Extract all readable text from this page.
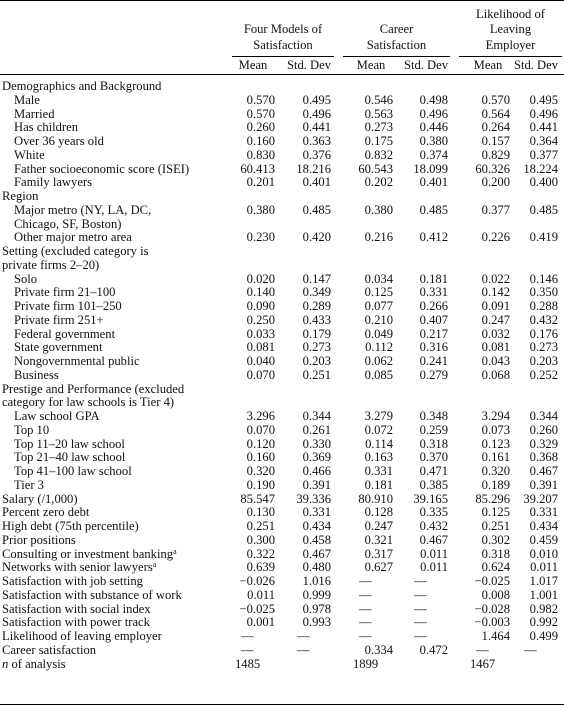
Four Models of
Satisfaction
Career
Satisfaction
Likelihood of
Leaving
Employer
Mean	Std. Dev	Mean	Std. Dev	Mean Std. Dev
Demographics and Background
Male	0.570 0.495	0.546 0.498	0.570 0.495
Married	0.570 0.496	0.563 0.496	0.564 0.496
Has children	0.260 0.441	0.273 0.446	0.264 0.441
Over 36 years old	0.160 0.363	0.175 0.380	0.157 0.364
White	0.830 0.376	0.832 0.374	0.829 0.377
Father socioeconomic score (ISEI)	60.413 18.216 60.543 18.099 60.326 18.224
Family lawyers	0.201 0.401	0.202 0.401	0.200 0.400
Region
Major metro (NY, LA, DC,	0.380 0.485	0.380 0.485	0.377 0.485
Chicago, SF, Boston)
Other major metro area	0.230 0.420	0.216 0.412	0.226 0.419
Setting (excluded category is
private firms 2–20)
Solo	0.020 0.147	0.034 0.181	0.022 0.146
Private firm 21–100	0.140 0.349	0.125 0.331	0.142 0.350
Private firm 101–250	0.090 0.289	0.077 0.266	0.091 0.288
Private firm 251+	0.250 0.433	0.210 0.407	0.247 0.432
Federal government	0.033 0.179	0.049 0.217	0.032 0.176
State government	0.081 0.273	0.112 0.316	0.081 0.273
Nongovernmental public	0.040 0.203	0.062 0.241	0.043 0.203
Business	0.070 0.251	0.085 0.279	0.068 0.252
Prestige and Performance (excluded
category for law schools is Tier 4)
Law school GPA	3.296 0.344	3.279 0.348	3.294 0.344
Top 10	0.070 0.261	0.072 0.259	0.073 0.260
Top 11–20 law school	0.120 0.330	0.114 0.318	0.123 0.329
Top 21–40 law school	0.160 0.369	0.163 0.370	0.161 0.368
Top 41–100 law school	0.320 0.466	0.331 0.471	0.320 0.467
Tier 3	0.190 0.391	0.181 0.385	0.189 0.391
Salary (/1,000)	85.547 39.336 80.910 39.165 85.296 39.207
Percent zero debt	0.130 0.331	0.128 0.335	0.125 0.331
High debt (75th percentile)	0.251 0.434	0.247 0.432	0.251 0.434
Prior positions	0.300 0.458	0.321 0.467	0.302 0.459
Consulting or investment banking$^a$	0.322 0.467	0.317 0.011	0.318 0.010
Networks with senior lawyers$^a$	0.639 0.480	0.627 0.011	0.624 0.011
Satisfaction with job setting	−0.026 1.016 —	—	−0.025 1.017
Satisfaction with substance of work	0.011 0.999 —	—	0.008 1.001
Satisfaction with social index	−0.025 0.978 —	—	−0.028 0.982
Satisfaction with power track	0.001 0.993 —	—	−0.003 0.992
Likelihood of leaving employer	—	—	—	—	1.464 0.499
Career satisfaction	—	—	0.334 0.472 —	—
n of analysis	1485	1899	1467
